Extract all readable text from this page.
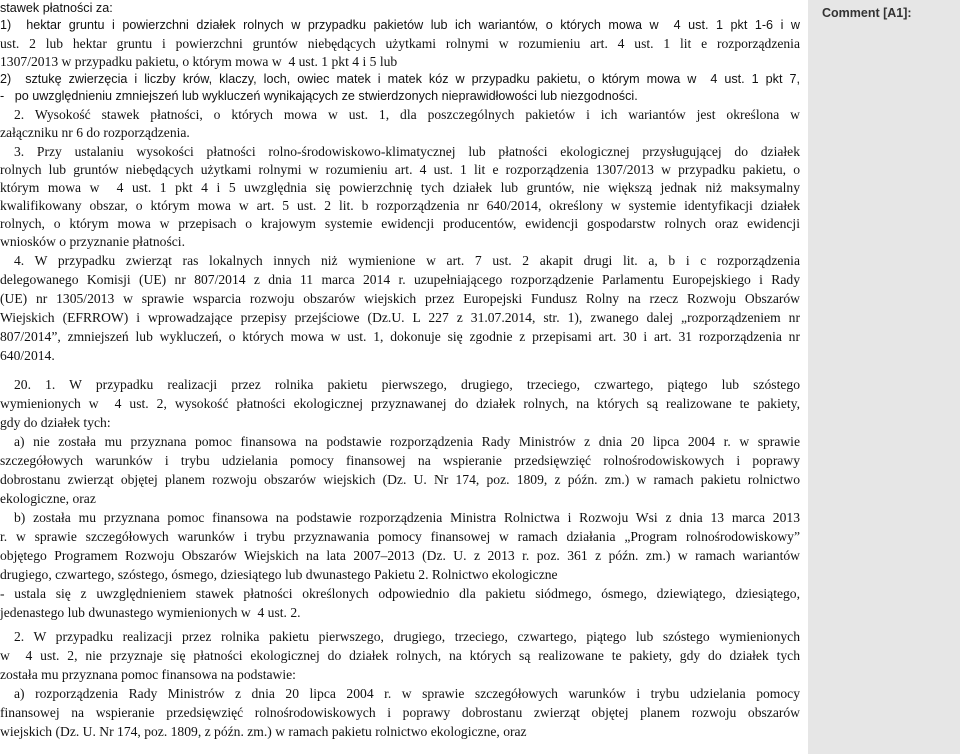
stawek płatności za:
1)  hektar gruntu i powierzchni działek rolnych w przypadku pakietów lub ich wariantów, o których mowa w  4 ust. 1 pkt 1-6 i w
ust. 2 lub hektar gruntu i powierzchni gruntów niebędących użytkami rolnymi w rozumieniu art. 4 ust. 1 lit e rozporządzenia
1307/2013 w przypadku pakietu, o którym mowa w  4 ust. 1 pkt 4 i 5 lub
2)  sztukę zwierzęcia i liczby krów, klaczy, loch, owiec matek i matek kóz w przypadku pakietu, o którym mowa w  4 ust. 1 pkt 7,
-   po uwzględnieniu zmniejszeń lub wykluczeń wynikających ze stwierdzonych nieprawidłowości lub niezgodności.
2. Wysokość stawek płatności, o których mowa w ust. 1, dla poszczególnych pakietów i ich wariantów jest określona w
załączniku nr 6 do rozporządzenia.
3. Przy ustalaniu wysokości płatności rolno-środowiskowo-klimatycznej lub płatności ekologicznej przysługującej do działek
rolnych lub gruntów niebędących użytkami rolnymi w rozumieniu art. 4 ust. 1 lit e rozporządzenia 1307/2013 w przypadku pakietu, o
którym mowa w  4 ust. 1 pkt 4 i 5 uwzględnia się powierzchnię tych działek lub gruntów, nie większą jednak niż maksymalny
kwalifikowany obszar, o którym mowa w art. 5 ust. 2 lit. b rozporządzenia nr 640/2014, określony w systemie identyfikacji działek
rolnych, o którym mowa w przepisach o krajowym systemie ewidencji producentów, ewidencji gospodarstw rolnych oraz ewidencji
wniosków o przyznanie płatności.
4. W przypadku zwierząt ras lokalnych innych niż wymienione w art. 7 ust. 2 akapit drugi lit. a, b i c rozporządzenia
delegowanego Komisji (UE) nr 807/2014 z dnia 11 marca 2014 r. uzupełniającego rozporządzenie Parlamentu Europejskiego i Rady
(UE) nr 1305/2013 w sprawie wsparcia rozwoju obszarów wiejskich przez Europejski Fundusz Rolny na rzecz Rozwoju Obszarów
Wiejskich (EFRROW) i wprowadzające przepisy przejściowe (Dz.U. L 227 z 31.07.2014, str. 1), zwanego dalej „rozporządzeniem nr
807/2014”, zmniejszeń lub wykluczeń, o których mowa w ust. 1, dokonuje się zgodnie z przepisami art. 30 i art. 31 rozporządzenia nr
640/2014.
20. 1. W przypadku realizacji przez rolnika pakietu pierwszego, drugiego, trzeciego, czwartego, piątego lub szóstego
wymienionych w  4 ust. 2, wysokość płatności ekologicznej przyznawanej do działek rolnych, na których są realizowane te pakiety,
gdy do działek tych:
a) nie została mu przyznana pomoc finansowa na podstawie rozporządzenia Rady Ministrów z dnia 20 lipca 2004 r. w sprawie
szczegółowych warunków i trybu udzielania pomocy finansowej na wspieranie przedsięwzięć rolnośrodowiskowych i poprawy
dobrostanu zwierząt objętej planem rozwoju obszarów wiejskich (Dz. U. Nr 174, poz. 1809, z późn. zm.) w ramach pakietu rolnictwo
ekologiczne, oraz
b) została mu przyznana pomoc finansowa na podstawie rozporządzenia Ministra Rolnictwa i Rozwoju Wsi z dnia 13 marca 2013
r. w sprawie szczegółowych warunków i trybu przyznawania pomocy finansowej w ramach działania „Program rolnośrodowiskowy”
objętego Programem Rozwoju Obszarów Wiejskich na lata 2007–2013 (Dz. U. z 2013 r. poz. 361 z późn. zm.) w ramach wariantów
drugiego, czwartego, szóstego, ósmego, dziesiątego lub dwunastego Pakietu 2. Rolnictwo ekologiczne
- ustala się z uwzględnieniem stawek płatności określonych odpowiednio dla pakietu siódmego, ósmego, dziewiątego, dziesiątego,
jedenastego lub dwunastego wymienionych w  4 ust. 2.
2. W przypadku realizacji przez rolnika pakietu pierwszego, drugiego, trzeciego, czwartego, piątego lub szóstego wymienionych
w  4 ust. 2, nie przyznaje się płatności ekologicznej do działek rolnych, na których są realizowane te pakiety, gdy do działek tych
została mu przyznana pomoc finansowa na podstawie:
a) rozporządzenia Rady Ministrów z dnia 20 lipca 2004 r. w sprawie szczegółowych warunków i trybu udzielania pomocy
finansowej na wspieranie przedsięwzięć rolnośrodowiskowych i poprawy dobrostanu zwierząt objętej planem rozwoju obszarów
wiejskich (Dz. U. Nr 174, poz. 1809, z późn. zm.) w ramach pakietu rolnictwo ekologiczne, oraz
Comment [A1]:
